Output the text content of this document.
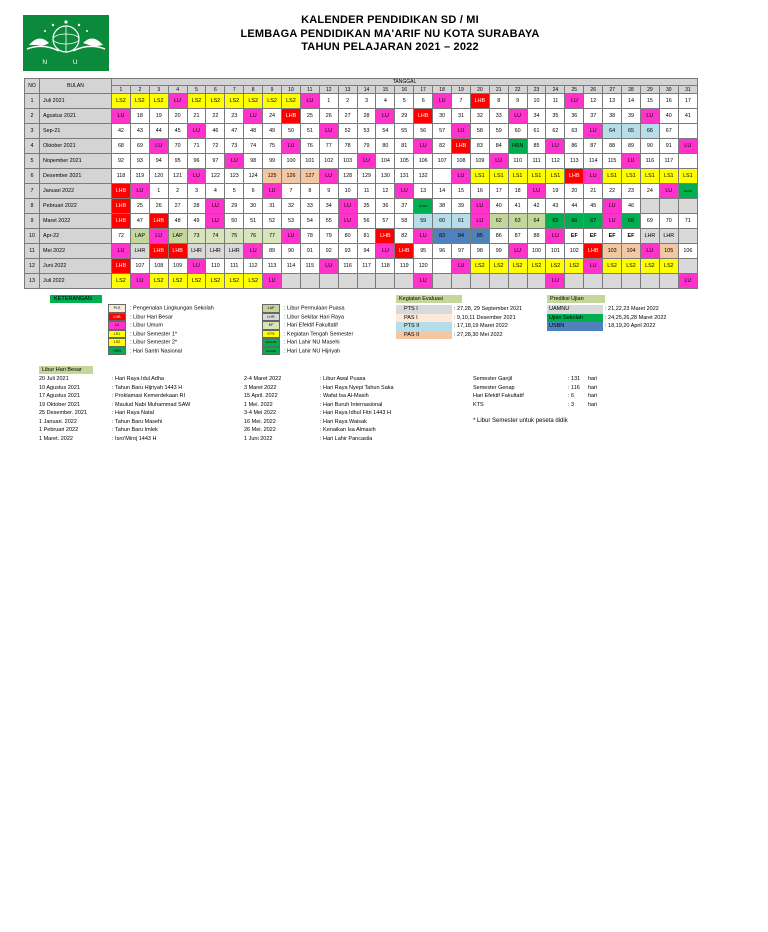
N U
KALENDER PENDIDIKAN SD / MI
LEMBAGA PENDIDIKAN MA'ARIF NU KOTA SURABAYA
TAHUN PELAJARAN 2021 – 2022
NO	BULAN	TANGGAL																														
		1	2	3	4	5	6	7	8	9	10	11	12	13	14	15	16	17	18	19	20	21	22	23	24	25	26	27	28	29	30	31
1	Juli 2021	LS2	LS2	LS2	LU	LS2	LS2	LS2	LS2	LS2	LS2	LU	1	2	3	4	5	6	LU	7	LHB	8	9	10	11	LU	12	13	14	15	16	17
2	Agustus 2021	LU	18	19	20	21	22	23	LU	24	LHB	25	26	27	28	LU	29	LHB	30	31	32	33	LU	34	35	36	37	38	39	LU	40	41
3	Sep-21	42	43	44	45	LU	46	47	48	49	50	51	LU	52	53	54	55	56	57	LU	58	59	60	61	62	63	LU	64	65	66	67	
4	Oktober 2021	68	69	LU	70	71	72	73	74	75	LU	76	77	78	79	80	81	LU	82	LHB	83	84	HSN	85	LU	86	87	88	89	90	91	LU
5	Nopember 2021	92	93	94	95	96	97	LU	98	99	100	101	102	103	LU	104	105	106	107	108	109	LU	110	111	112	113	114	115	LU	116	117	
6	Desember 2021	118	119	120	121	LU	122	123	124	125	126	127	LU	128	129	130	131	132		LU	LS1	LS1	LS1	LS1	LS1	LHB	LU	LS1	LS1	LS1	LS1	LS1
7	Januari 2022	LHB	LU	1	2	3	4	5	6	LU	7	8	9	10	11	12	LU	13	14	15	16	17	18	LU	19	20	21	22	23	24	LU	HLNU
8	Pebruari 2022	LHB	25	26	27	28	LU	29	30	31	32	33	34	LU	35	36	37	HLNU	38	39	LU	40	41	42	43	44	45	LU	46			
9	Maret 2022	LHB	47	LHB	48	49	LU	50	51	52	53	54	55	LU	56	57	58	59	60	61	LU	62	63	64	65	66	67	LU	68	69	70	71
10	Apr-22	72	LAP	LU	LAP	73	74	75	76	77	LU	78	79	80	81	LHB	82	LU	83	84	85	86	87	88	LU	EF	EF	EF	EF	LHR	LHR	
11	Mei 2022	LU	LHR	LHB	LHB	LHR	LHR	LHR	LU	89	90	91	92	93	94	LU	LHB	95	96	97	98	99	LU	100	101	102	LHB	103	104	LU	105	106
12	Juni 2022	LHB	107	108	109	LU	110	111	112	113	114	115	LU	116	117	118	119	120		LU	LS2	LS2	LS2	LS2	LS2	LS2	LU	LS2	LS2	LS2	LS2	
13	Juli 2022	LS2	LU	LS2	LS2	LS2	LS2	LS2	LS2	LU								LU							LU							LU
KETERANGAN
PLS : Pengenalan Lingkungan Sekolah
LHB : Libur Hari Besar
LU : Libur Umum
LS1 : Libur Semester 1*
LS2 : Libur Semester 2*
HSN : Hari Santri Nasional
LAP : Libur Permulaan Puasa
LHR : Libur Sekitar Hari Raya
EF : Hari Efektif Fakultatif
KTS : Kegiatan Tengah Semester
HLNUM : Hari Lahir NU Masehi
HLNUH : Hari Lahir NU Hijriyah
Kegiatan Evaluasi
PTS I	: 27,28, 29 September 2021
PAS I	: 9,10,11 Desember 2021
PTS II	: 17,18,19 Maret 2022
PAS II	: 27,28,30 Mei 2022
Prediksi Ujian
UAMNU	: 21,22,23 Maret 2022
Ujian Sekolah	: 24,25,26,28 Maret 2022
USBN	: 18,19,20 April 2022
Libur Hari Besar
20 Juli 2021	: Hari Raya Idul Adha
10 Agustus 2021	: Tahun Baru Hijriyah 1443 H
17 Agustus 2021	: Proklamasi Kemerdekaan RI
19 Oktober 2021	: Maulud Nabi Muhammad SAW
25 Desember. 2021	: Hari Raya Natal
1 Januari. 2022	: Tahun Baru Masehi
1 Pebruari 2022	: Tahun Baru Imlek
1 Maret. 2022	: Isro'Miroj 1443 H
2-4 Maret 2022	: Libur Awal Puasa
3 Maret 2022	: Hari Raya Nyepi Tahun Saka
15 April. 2022	: Wafat Isa Al-Masih
1 Mei. 2022	: Hari Buruh Internasional
3-4 Mei 2022	: Hari Raya Idhul Fitri 1443 H
16 Mei. 2022	: Hari Raya Waisak
26 Mei. 2022	: Kenaikan Isa Almasih
1 Juni 2022	: Hari Lahir Pancasila
Semester Ganjil	: 131 hari
Semester Genap	: 116 hari
Hari Efektif Fakultatif	: 6	hari
KTS	: 3	hari
* Libur Semester untuk peseta didik
